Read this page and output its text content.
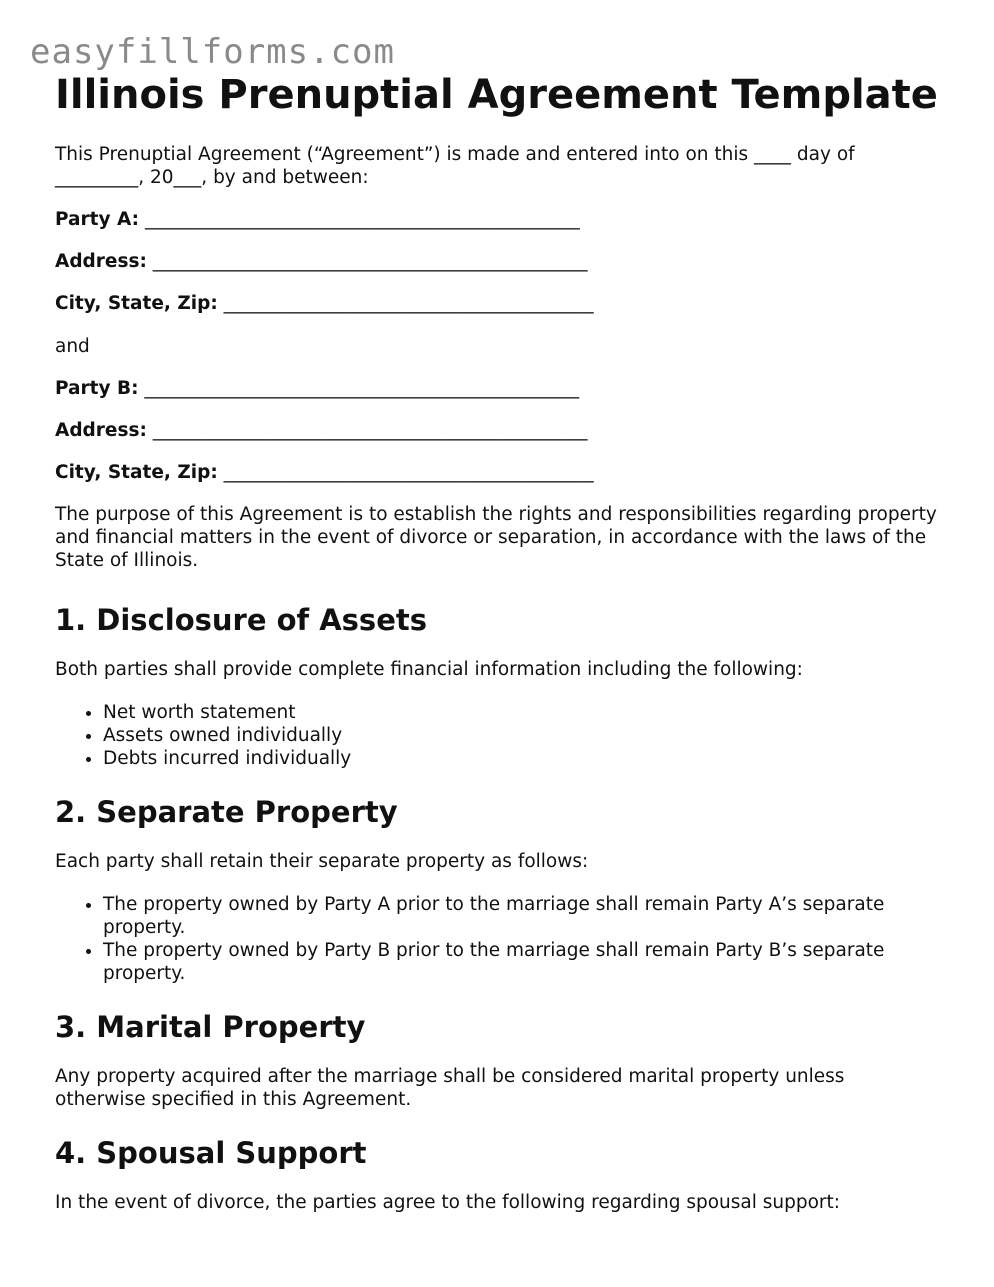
easyfillforms.com
Illinois Prenuptial Agreement Template

This Prenuptial Agreement (“Agreement”) is made and entered into on this ____ day of _________, 20___, by and between:

Party A: _______________________________________________

Address: _______________________________________________

City, State, Zip: ________________________________________

and

Party B: _______________________________________________

Address: _______________________________________________

City, State, Zip: ________________________________________

The purpose of this Agreement is to establish the rights and responsibilities regarding property and financial matters in the event of divorce or separation, in accordance with the laws of the State of Illinois.

1. Disclosure of Assets

Both parties shall provide complete financial information including the following:

• Net worth statement
• Assets owned individually
• Debts incurred individually
2. Separate Property

Each party shall retain their separate property as follows:

• The property owned by Party A prior to the marriage shall remain Party A’s separate property.
• The property owned by Party B prior to the marriage shall remain Party B’s separate property.
3. Marital Property

Any property acquired after the marriage shall be considered marital property unless otherwise specified in this Agreement.

4. Spousal Support

In the event of divorce, the parties agree to the following regarding spousal support:
